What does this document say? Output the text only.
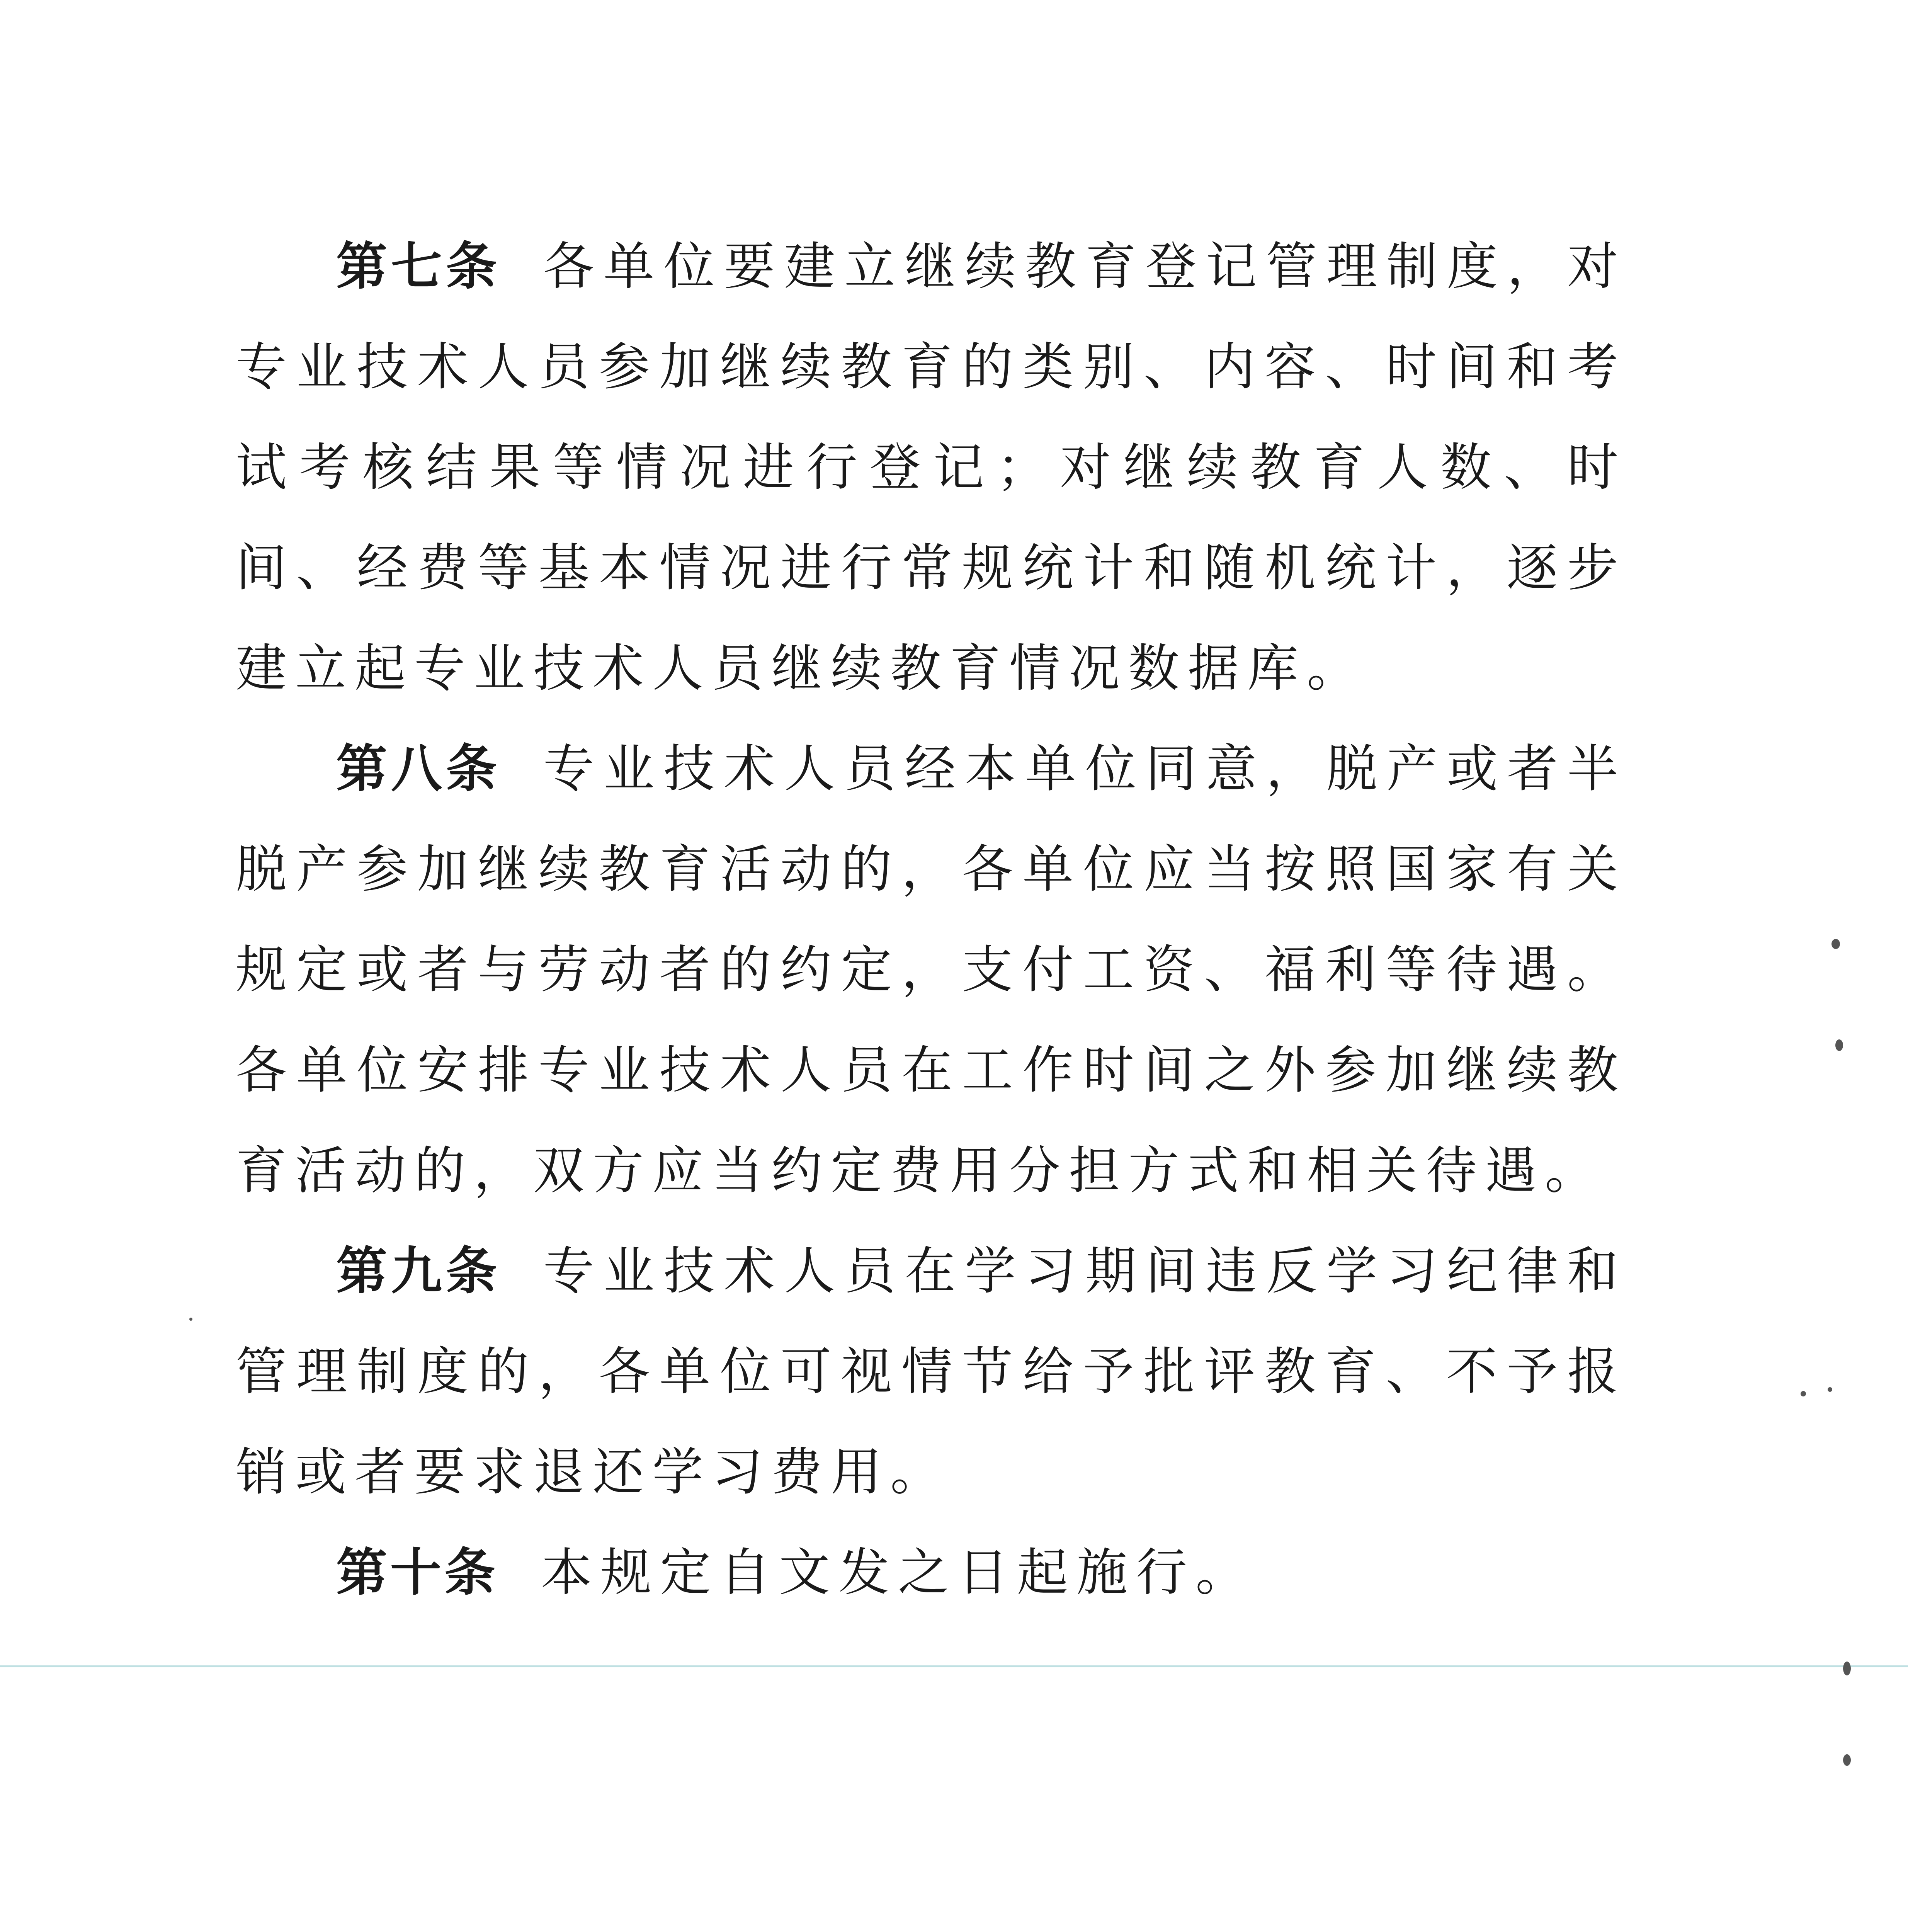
第七条 各单位要建立继续教育登记管理制度，对专业技术人员参加继续教育的类别、内容、时间和考试考核结果等情况进行登记；对继续教育人数、时间、经费等基本情况进行常规统计和随机统计，逐步建立起专业技术人员继续教育情况数据库。

第八条 专业技术人员经本单位同意，脱产或者半脱产参加继续教育活动的，各单位应当按照国家有关规定或者与劳动者的约定，支付工资、福利等待遇。各单位安排专业技术人员在工作时间之外参加继续教育活动的，双方应当约定费用分担方式和相关待遇。

第九条 专业技术人员在学习期间违反学习纪律和管理制度的，各单位可视情节给予批评教育、不予报销或者要求退还学习费用。

第十条 本规定自文发之日起施行。
